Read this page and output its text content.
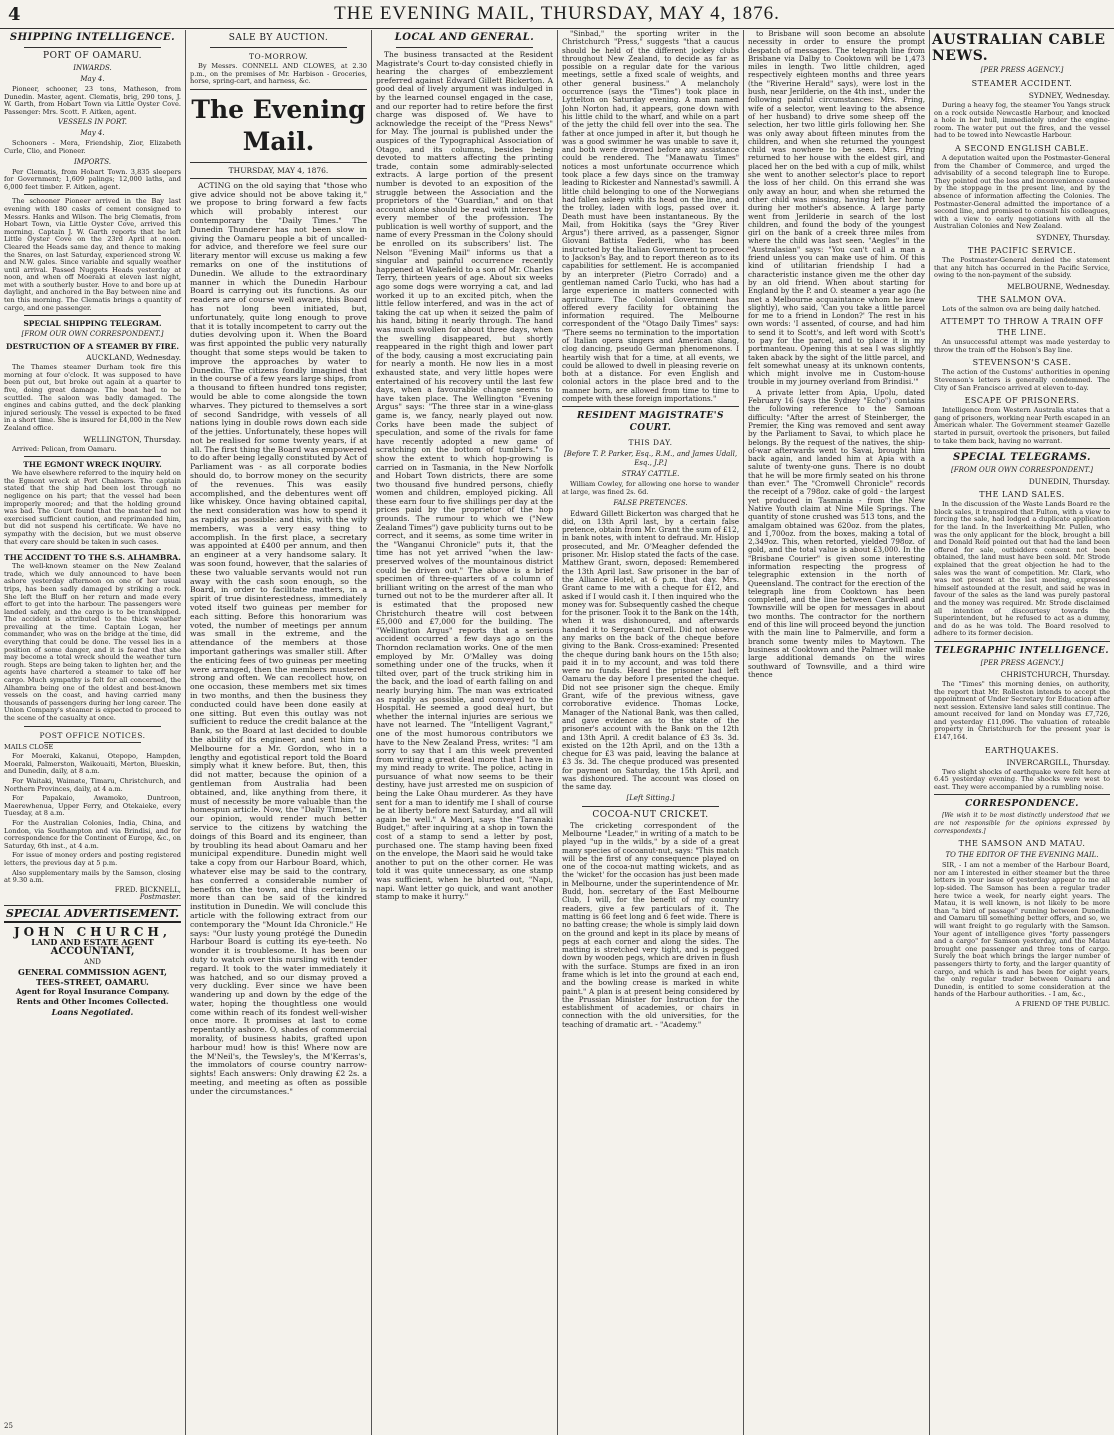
4	THE EVENING MAIL, THURSDAY, MAY 4, 1876.
SHIPPING INTELLIGENCE.
PORT OF OAMARU.
INWARDS.
May 4.

Pioneer, schooner, 23 tons, Matheson, from Dunedin. Master, agent. Clematis, brig, 290 tons, J. W. Garth, from Hobart Town via Little Oyster Cove. Passenger: Mrs. Scott. F. Aitken, agent.

VESSELS IN PORT.
May 4.

Schooners - Mera, Friendship, Zior, Elizabeth Curle, Clio, and Pioneer.

IMPORTS.

Per Clematis, from Hobart Town. 3,835 sleepers for Government; 1,609 palings; 12,000 laths, and 6,000 feet timber. F. Aitken, agent.

The schooner Pioneer arrived in the Bay last evening with 180 casks of cement consigned to Messrs. Hanks and Wilson. The brig Clematis, from Hobart Town, via Little Oyster Cove, arrived this morning. Captain J. W. Garth reports that he left Little Oyster Cove on the 23rd April at noon. Cleared the Heads same day, and thence to making the Snares, on last Saturday, experienced strong W. and N.W. gales. Since variable and squally weather until arrival. Passed Nuggets Heads yesterday at noon, and when off Moeraki at eleven last night, met with a southerly buster. Hove to and bore up at daylight, and anchored in the Bay between nine and ten this morning. The Clematis brings a quantity of cargo, and one passenger.

SPECIAL SHIPPING TELEGRAM.
[FROM OUR OWN CORRESPONDENT.]
DESTRUCTION OF A STEAMER BY FIRE.
AUCKLAND, Wednesday.

The Thames steamer Durham took fire this morning at four o'clock. It was supposed to have been put out, but broke out again at a quarter to five, doing great damage. The boat had to be scuttled. The saloon was badly damaged. The engines and cabins gutted, and the deck planking injured seriously. The vessel is expected to be fixed in a short time. She is insured for £4,000 in the New Zealand office.

WELLINGTON, Thursday.

Arrived: Pelican, from Oamaru.

THE EGMONT WRECK INQUIRY.

We have elsewhere referred to the inquiry held on the Egmont wreck at Port Chalmers. The captain stated that the ship had been lost through no negligence on his part; that the vessel had been improperly moored; and that the holding ground was bad. The Court found that the master had not exercised sufficient caution, and reprimanded him, but did not suspend his certificate. We have no sympathy with the decision, but we must observe that every care should be taken in such cases.

THE ACCIDENT TO THE S.S. ALHAMBRA.

The well-known steamer on the New Zealand trade, which we duly announced to have been ashore yesterday afternoon on one of her usual trips, has been sadly damaged by striking a rock. She left the Bluff on her return and made every effort to get into the harbour. The passengers were landed safely, and the cargo is to be transhipped. The accident is attributed to the thick weather prevailing at the time. Captain Logan, her commander, who was on the bridge at the time, did everything that could be done. The vessel lies in a position of some danger, and it is feared that she may become a total wreck should the weather turn rough. Steps are being taken to lighten her, and the agents have chartered a steamer to take off her cargo. Much sympathy is felt for all concerned, the Alhambra being one of the oldest and best-known vessels on the coast, and having carried many thousands of passengers during her long career. The Union Company's steamer is expected to proceed to the scene of the casualty at once.

POST OFFICE NOTICES.

MAILS CLOSE

For Moeraki, Kakanui, Otepopo, Hampden, Moeraki, Palmerston, Waikouaiti, Merton, Blueskin, and Dunedin, daily, at 8 a.m.

For Waitaki, Waimate, Timaru, Christchurch, and Northern Provinces, daily, at 4 a.m.

For Papakaio, Awamoko, Duntroon, Maerewhenua, Upper Ferry, and Otekaieke, every Tuesday, at 8 a.m.

For the Australian Colonies, India, China, and London, via Southampton and via Brindisi, and for correspondence for the Continent of Europe, &c., on Saturday, 6th inst., at 4 a.m.

For issue of money orders and posting registered letters, the previous day at 5 p.m.

Also supplementary mails by the Samson, closing at 9.30 a.m.

FRED. BICKNELL,
Postmaster.
SPECIAL ADVERTISEMENT.
JOHN CHURCH,
LAND AND ESTATE AGENT
ACCOUNTANT,
AND
GENERAL COMMISSION AGENT,
TEES-STREET, OAMARU.
Agent for Royal Insurance Company. Rents and Other Incomes Collected.
Loans Negotiated.
25
SALE BY AUCTION.
TO-MORROW.

By Messrs. CONNELL AND CLOWES, at 2.30 p.m., on the premises of Mr. Harbison - Groceries, horse, spring-cart, and harness, &c.

The Evening Mail.
THURSDAY, MAY 4, 1876.

ACTING on the old saying that "those who give advice should not be above taking it," we propose to bring forward a few facts which will probably interest our contemporary the "Daily Times." The Dunedin Thunderer has not been slow in giving the Oamaru people a bit of uncalled-for advice, and therefore we feel sure our literary mentor will excuse us making a few remarks on one of the institutions of Dunedin. We allude to the extraordinary manner in which the Dunedin Harbour Board is carrying out its functions. As our readers are of course well aware, this Board has not long been initiated, but, unfortunately, quite long enough to prove that it is totally incompetent to carry out the duties devolving upon it. When the Board was first appointed the public very naturally thought that some steps would be taken to improve the approaches by water to Dunedin. The citizens fondly imagined that in the course of a few years large ships, from a thousand to fifteen hundred tons register, would be able to come alongside the town wharves. They pictured to themselves a sort of second Sandridge, with vessels of all nations lying in double rows down each side of the jetties. Unfortunately, these hopes will not be realised for some twenty years, if at all. The first thing the Board was empowered to do after being legally constituted by Act of Parliament was - as all corporate bodies should do, to borrow money on the security of the revenues. This was easily accomplished, and the debentures went off like whiskey. Once having obtained capital, the next consideration was how to spend it as rapidly as possible: and this, with the wily members, was a very easy thing to accomplish. In the first place, a secretary was appointed at £400 per annum, and then an engineer at a very handsome salary. It was soon found, however, that the salaries of these two valuable servants would not run away with the cash soon enough, so the Board, in order to facilitate matters, in a spirit of true disinterestedness, immediately voted itself two guineas per member for each sitting. Before this honorarium was voted, the number of meetings per annum was small in the extreme, and the attendance of the members at those important gatherings was smaller still. After the enticing fees of two guineas per meeting were arranged, then the members mustered strong and often. We can recollect how, on one occasion, these members met six times in two months, and then the business they conducted could have been done easily at one sitting. But even this outlay was not sufficient to reduce the credit balance at the Bank, so the Board at last decided to double the ability of its engineer, and sent him to Melbourne for a Mr. Gordon, who in a lengthy and egotistical report told the Board simply what it knew before. But, then, this did not matter, because the opinion of a gentleman from Australia had been obtained, and, like anything from there, it must of necessity be more valuable than the homespun article. Now, the "Daily Times," in our opinion, would render much better service to the citizens by watching the doings of this Board and its engineer, than by troubling its head about Oamaru and her municipal expenditure. Dunedin might well take a copy from our Harbour Board, which, whatever else may be said to the contrary, has conferred a considerable number of benefits on the town, and this certainly is more than can be said of the kindred institution in Dunedin. We will conclude this article with the following extract from our contemporary the "Mount Ida Chronicle." He says: "Our lusty young protégé the Dunedin Harbour Board is cutting its eye-teeth. No wonder it is troublesome. It has been our duty to watch over this nursling with tender regard. It took to the water immediately it was hatched, and so our dismay proved a very duckling. Ever since we have been wandering up and down by the edge of the water, hoping the thoughtless one would come within reach of its fondest well-wisher once more. It promises at last to come repentantly ashore. O, shades of commercial morality, of business habits, grafted upon harbour mud! how is this! Where now are the M'Neil's, the Tewsley's, the M'Kerras's, the immolators of course country narrow-sights! Each answers: Only drawing £2 2s. a meeting, and meeting as often as possible under the circumstances."

LOCAL AND GENERAL.

The business transacted at the Resident Magistrate's Court to-day consisted chiefly in hearing the charges of embezzlement preferred against Edward Gillett Bickerton. A good deal of lively argument was indulged in by the learned counsel engaged in the case, and our reporter had to retire before the first charge was disposed of. We have to acknowledge the receipt of the "Press News" for May. The journal is published under the auspices of the Typographical Association of Otago, and its columns, besides being devoted to matters affecting the printing trade, contain some admirably-selected extracts. A large portion of the present number is devoted to an exposition of the struggle between the Association and the proprietors of the "Guardian," and on that account alone should be read with interest by every member of the profession. The publication is well worthy of support, and the name of every Pressman in the Colony should be enrolled on its subscribers' list. The Nelson "Evening Mail" informs us that a singular and painful occurrence recently happened at Wakefield to a son of Mr. Charles Terry, thirteen years of age. About six weeks ago some dogs were worrying a cat, and lad worked it up to an excited pitch, when the little fellow interfered, and was in the act of taking the cat up when it seized the palm of his hand, biting it nearly through. The hand was much swollen for about three days, when the swelling disappeared, but shortly reappeared in the right thigh and lower part of the body, causing a most excruciating pain for nearly a month. He now lies in a most exhausted state, and very little hopes were entertained of his recovery until the last few days, when a favourable change seems to have taken place. The Wellington "Evening Argus" says: "The three star in a wine-glass game is, we fancy, nearly played out now. Corks have been made the subject of speculation, and some of the rivals for fame have recently adopted a new game of scratching on the bottom of tumblers." To show the extent to which hop-growing is carried on in Tasmania, in the New Norfolk and Hobart Town districts, there are some two thousand five hundred persons, chiefly women and children, employed picking. All these earn four to five shillings per day at the prices paid by the proprietor of the hop grounds. The rumour to which we ("New Zealand Times") gave publicity turns out to be correct, and it seems, as some time writer in the "Wanganui Chronicle" puts it, that the time has not yet arrived "when the law-preserved wolves of the mountainous district could be driven out." The above is a brief specimen of three-quarters of a column of brilliant writing on the arrest of the man who turned out not to be the murderer after all. It is estimated that the proposed new Christchurch theatre will cost between £5,000 and £7,000 for the building. The "Wellington Argus" reports that a serious accident occurred a few days ago on the Thorndon reclamation works. One of the men employed by Mr. O'Malley was doing something under one of the trucks, when it tilted over, part of the truck striking him in the back, and the load of earth falling on and nearly burying him. The man was extricated as rapidly as possible, and conveyed to the Hospital. He seemed a good deal hurt, but whether the internal injuries are serious we have not learned. The "Intelligent Vagrant," one of the most humorous contributors we have to the New Zealand Press, writes: "I am sorry to say that I am this week prevented from writing a great deal more that I have in my mind ready to write. The police, acting in pursuance of what now seems to be their destiny, have just arrested me on suspicion of being the Lake Ohau murderer. As they have sent for a man to identify me I shall of course be at liberty before next Saturday, and all will again be well." A Maori, says the "Taranaki Budget," after inquiring at a shop in town the cost of a stamp to send a letter by post, purchased one. The stamp having been fixed on the envelope, the Maori said he would take another to put on the other corner. He was told it was quite unnecessary, as one stamp was sufficient, when he blurted out, "Napi, napi. Want letter go quick, and want another stamp to make it hurry."

"Sinbad," the sporting writer in the Christchurch "Press," suggests "that a caucus should be held of the different jockey clubs throughout New Zealand, to decide as far as possible on a regular date for the various meetings, settle a fixed scale of weights, and other general business." A melancholy occurrence (says the "Times") took place in Lyttelton on Saturday evening. A man named John Norton had, it appears, gone down with his little child to the wharf, and while on a part of the jetty the child fell over into the sea. The father at once jumped in after it, but though he was a good swimmer he was unable to save it, and both were drowned before any assistance could be rendered. The "Manawatu Times" notices a most unfortunate occurrence which took place a few days since on the tramway leading to Rickester and Nannestad's sawmill. A little child belonging to one of the Norwegians had fallen asleep with its head on the line, and the trolley, laden with logs, passed over it. Death must have been instantaneous. By the Mail, from Hokitika (says the "Grey River Argus") there arrived, as a passenger, Signor Giovani Battista Federli, who has been instructed by the Italian Government to proceed to Jackson's Bay, and to report thereon as to its capabilities for settlement. He is accompanied by an interpreter (Pietro Corrado) and a gentleman named Carlo Tucki, who has had a large experience in matters connected with agriculture. The Colonial Government has offered every facility for obtaining the information required. The Melbourne correspondent of the "Otago Daily Times" says: "There seems no termination to the importation of Italian opera singers and American slang, clog dancing, pseudo German phenomenons. I heartily wish that for a time, at all events, we could be allowed to dwell in pleasing reverie on both at a distance. For even English and colonial actors in the place bred and to the manner born, are allowed from time to time to compete with these foreign importations."

RESIDENT MAGISTRATE'S COURT.
THIS DAY.
[Before T. P. Parker, Esq., R.M., and James Udall, Esq., J.P.]
STRAY CATTLE.

William Cowley, for allowing one horse to wander at large, was fined 2s. 6d.

FALSE PRETENCES.

Edward Gillett Bickerton was charged that he did, on 13th April last, by a certain false pretence, obtain from Mr. Grant the sum of £12, in bank notes, with intent to defraud. Mr. Hislop prosecuted, and Mr. O'Meagher defended the prisoner. Mr. Hislop stated the facts of the case. Matthew Grant, sworn, deposed: Remembered the 13th April last. Saw prisoner in the bar of the Alliance Hotel, at 6 p.m. that day. Mrs. Grant came to me with a cheque for £12, and asked if I would cash it. I then inquired who the money was for. Subsequently cashed the cheque for the prisoner. Took it to the Bank on the 14th, when it was dishonoured, and afterwards handed it to Sergeant Currell. Did not observe any marks on the back of the cheque before giving to the Bank. Cross-examined: Presented the cheque during bank hours on the 15th also; paid it in to my account, and was told there were no funds. Heard the prisoner had left Oamaru the day before I presented the cheque. Did not see prisoner sign the cheque. Emily Grant, wife of the previous witness, gave corroborative evidence. Thomas Locke, Manager of the National Bank, was then called, and gave evidence as to the state of the prisoner's account with the Bank on the 12th and 13th April. A credit balance of £3 3s. 3d. existed on the 12th April, and on the 13th a cheque for £3 was paid, leaving the balance at £3 3s. 3d. The cheque produced was presented for payment on Saturday, the 15th April, and was dishonoured. The account was closed on the same day.

[Left Sitting.]
COCOA-NUT CRICKET.

The cricketing correspondent of the Melbourne "Leader," in writing of a match to be played "up in the wilds," by a side of a great many species of cocoanut-nut, says: "This match will be the first of any consequence played on one of the cocoa-nut matting wickets, and as the 'wicket' for the occasion has just been made in Melbourne, under the superintendence of Mr. Budd, hon. secretary of the East Melbourne Club, I will, for the benefit of my country readers, give a few particulars of it. The matting is 66 feet long and 6 feet wide. There is no batting crease; the whole is simply laid down on the ground and kept in its place by means of pegs at each corner and along the sides. The matting is stretched very tight, and is pegged down by wooden pegs, which are driven in flush with the surface. Stumps are fixed in an iron frame which is let into the ground at each end, and the bowling crease is marked in white paint." A plan is at present being considered by the Prussian Minister for Instruction for the establishment of academies, or chairs in connection with the old universities, for the teaching of dramatic art. - "Academy."

to Brisbane will soon become an absolute necessity in order to ensure the prompt despatch of messages. The telegraph line from Brisbane via Dalby to Cooktown will be 1,473 miles in length. Two little children, aged respectively eighteen months and three years (the "Riverine Herald" says), were lost in the bush, near Jerilderie, on the 4th inst., under the following painful circumstances: Mrs. Pring, wife of a selector, went leaving to the absence of her husband) to drive some sheep off the selection, her two little girls following her. She was only away about fifteen minutes from the children, and when she returned the youngest child was nowhere to be seen. Mrs. Pring returned to her house with the eldest girl, and placed her on the bed with a cup of milk, whilst she went to another selector's place to report the loss of her child. On this errand she was only away an hour, and when she returned the other child was missing, having left her home during her mother's absence. A large party went from Jerilderie in search of the lost children, and found the body of the youngest girl on the bank of a creek three miles from where the child was last seen. "Aegles" in the "Australasian" says: "You can't call a man a friend unless you can make use of him. Of this kind of utilitarian friendship I had a characteristic instance given me the other day by an old friend. When about starting for England by the P. and O. steamer a year ago (he met a Melbourne acquaintance whom he knew slightly), who said, 'Can you take a little parcel for me to a friend in London?' The rest in his own words: 'I assented, of course, and had him to send it to Scott's, and left word with Scott's to pay for the parcel, and to place it in my portmanteau. Opening this at sea I was slightly taken aback by the sight of the little parcel, and felt somewhat uneasy at its unknown contents, which might involve me in Custom-house trouble in my journey overland from Brindisi.'"

A private letter from Apia, Upolu, dated February 16 (says the Sydney "Echo") contains the following reference to the Samoan difficulty: "After the arrest of Steinberger, the Premier, the King was removed and sent away by the Parliament to Savai, to which place he belongs. By the request of the natives, the ship-of-war afterwards went to Savai, brought him back again, and landed him at Apia with a salute of twenty-one guns. There is no doubt that he will be more firmly seated on his throne than ever." The "Cromwell Chronicle" records the receipt of a 798oz. cake of gold - the largest yet produced in Tasmania - from the New Native Youth claim at Nine Mile Springs. The quantity of stone crushed was 513 tons, and the amalgam obtained was 620oz. from the plates, and 1,700oz. from the boxes, making a total of 2,349oz. This, when retorted, yielded 798oz. of gold, and the total value is about £3,000. In the "Brisbane Courier" is given some interesting information respecting the progress of telegraphic extension in the north of Queensland. The contract for the erection of the telegraph line from Cooktown has been completed, and the line between Cardwell and Townsville will be open for messages in about two months. The contractor for the northern end of this line will proceed beyond the junction with the main line to Palmerville, and form a branch some twenty miles to Maytown. The business at Cooktown and the Palmer will make large additional demands on the wires southward of Townsville, and a third wire thence

AUSTRALIAN CABLE NEWS.
[PER PRESS AGENCY.]
STEAMER ACCIDENT.
SYDNEY, Wednesday.

During a heavy fog, the steamer You Yangs struck on a rock outside Newcastle Harbour, and knocked a hole in her hull, immediately under the engine-room. The water put out the fires, and the vessel had to be towed into Newcastle Harbour.

A SECOND ENGLISH CABLE.

A deputation waited upon the Postmaster-General from the Chamber of Commerce, and urged the advisability of a second telegraph line to Europe. They pointed out the loss and inconvenience caused by the stoppage in the present line, and by the absence of information affecting the Colonies. The Postmaster-General admitted the importance of a second line, and promised to consult his colleagues, with a view to early negotiations with all the Australian Colonies and New Zealand.

SYDNEY, Thursday.
THE PACIFIC SERVICE.

The Postmaster-General denied the statement that any hitch has occurred in the Pacific Service, owing to the non-payment of the subsidy.

MELBOURNE, Wednesday.
THE SALMON OVA.

Lots of the salmon ova are being daily hatched.

ATTEMPT TO THROW A TRAIN OFF THE LINE.

An unsuccessful attempt was made yesterday to throw the train off the Hobson's Bay line.

STEVENSON'S CASE.

The action of the Customs' authorities in opening Stevenson's letters is generally condemned. The City of San Francisco arrived at eleven to-day.

ESCAPE OF PRISONERS.

Intelligence from Western Australia states that a gang of prisoners, working near Perth escaped in an American whaler. The Government steamer Gazelle started in pursuit, overtook the prisoners, but failed to take them back, having no warrant.

SPECIAL TELEGRAMS.
[FROM OUR OWN CORRESPONDENT.]
DUNEDIN, Thursday.
THE LAND SALES.

In the discussion of the Waste Lands Board re the block sales, it transpired that Fulton, with a view to forcing the sale, had lodged a duplicate application for the land. In the Inverkeithing Mr. Pullen, who was the only applicant for the block, brought a bill and Donald Reid pointed out that had the land been offered for sale, outbidders consent not been obtained, the land must have been sold. Mr. Strode explained that the great objection he had to the sales was the want of competition. Mr. Clark, who was not present at the last meeting, expressed himself astounded at the result, and said he was in favour of the sales as the land was purely pastoral and the money was required. Mr. Strode disclaimed all intention of discourtesy towards the Superintendent, but he refused to act as a dummy, and do as he was told. The Board resolved to adhere to its former decision.

TELEGRAPHIC INTELLIGENCE.
[PER PRESS AGENCY.]
CHRISTCHURCH, Thursday.

The "Times" this morning denies, on authority, the report that Mr. Rolleston intends to accept the appointment of Under Secretary for Education after next session. Extensive land sales still continue. The amount received for land on Monday was £7,726, and yesterday £11,096. The valuation of rateable property in Christchurch for the present year is £147,164.

EARTHQUAKES.
INVERCARGILL, Thursday.

Two slight shocks of earthquake were felt here at 6.45 yesterday evening. The shocks were west to east. They were accompanied by a rumbling noise.

CORRESPONDENCE.

[We wish it to be most distinctly understood that we are not responsible for the opinions expressed by correspondents.]

THE SAMSON AND MATAU.
TO THE EDITOR OF THE EVENING MAIL.

SIR, - I am not a member of the Harbour Board, nor am I interested in either steamer but the three letters in your issue of yesterday appear to me all lop-sided. The Samson has been a regular trader here twice a week, for nearly eight years. The Matau, it is well known, is not likely to be more than "a bird of passage" running between Dunedin and Oamaru till something better offers, and so, we will want freight to go regularly with the Samson. Your agent of intelligence gives "forty passengers and a cargo" for Samson yesterday, and the Matau brought one passenger and three tons of cargo. Surely the boat which brings the larger number of passengers thirty to forty, and the larger quantity of cargo, and which is and has been for eight years, the only regular trader between Oamaru and Dunedin, is entitled to some consideration at the hands of the Harbour authorities. - I am, &c.,

A FRIEND OF THE PUBLIC.
